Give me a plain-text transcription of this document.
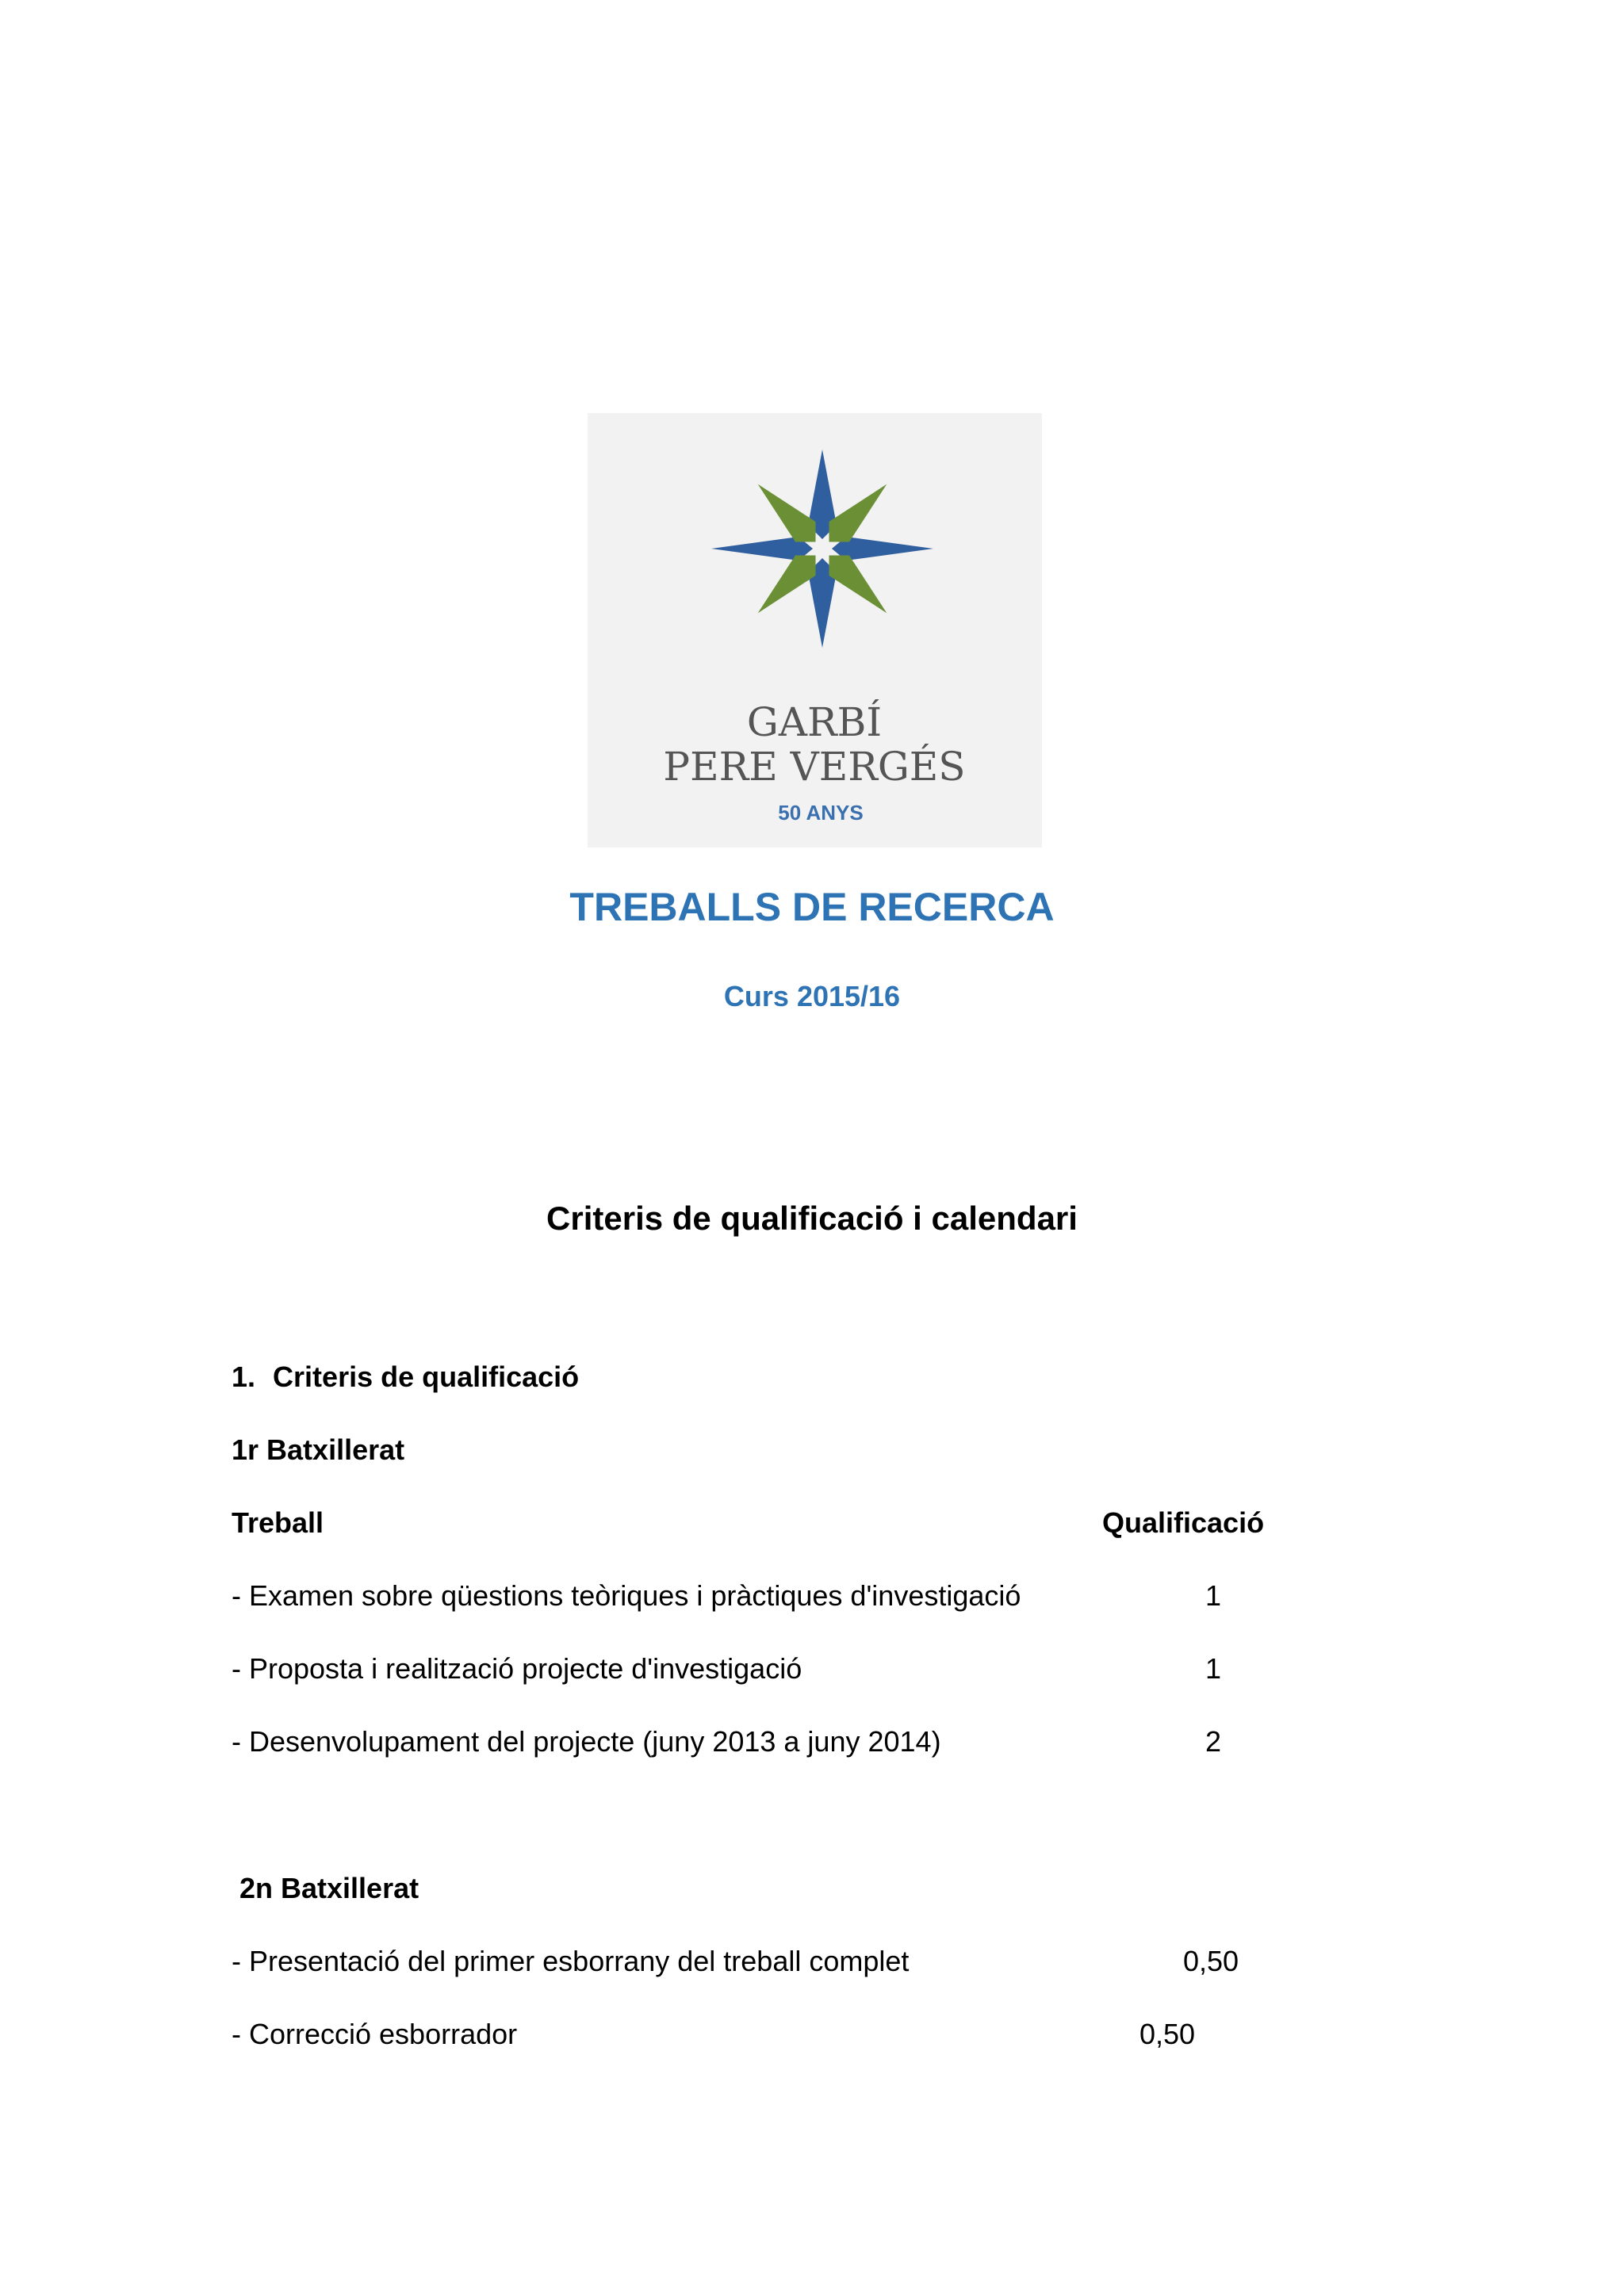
GARBÍ
PERE VERGÉS
50 ANYS
TREBALLS DE RECERCA
Curs 2015/16
Criteris de qualificació i calendari
1. Criteris de qualificació
1r Batxillerat
Treball	Qualificació
- Examen sobre qüestions teòriques i pràctiques d'investigació	1
- Proposta i realització projecte d'investigació	1
- Desenvolupament del projecte (juny 2013 a juny 2014)	2
2n Batxillerat
- Presentació del primer esborrany del treball complet	0,50
- Correcció esborrador	0,50
